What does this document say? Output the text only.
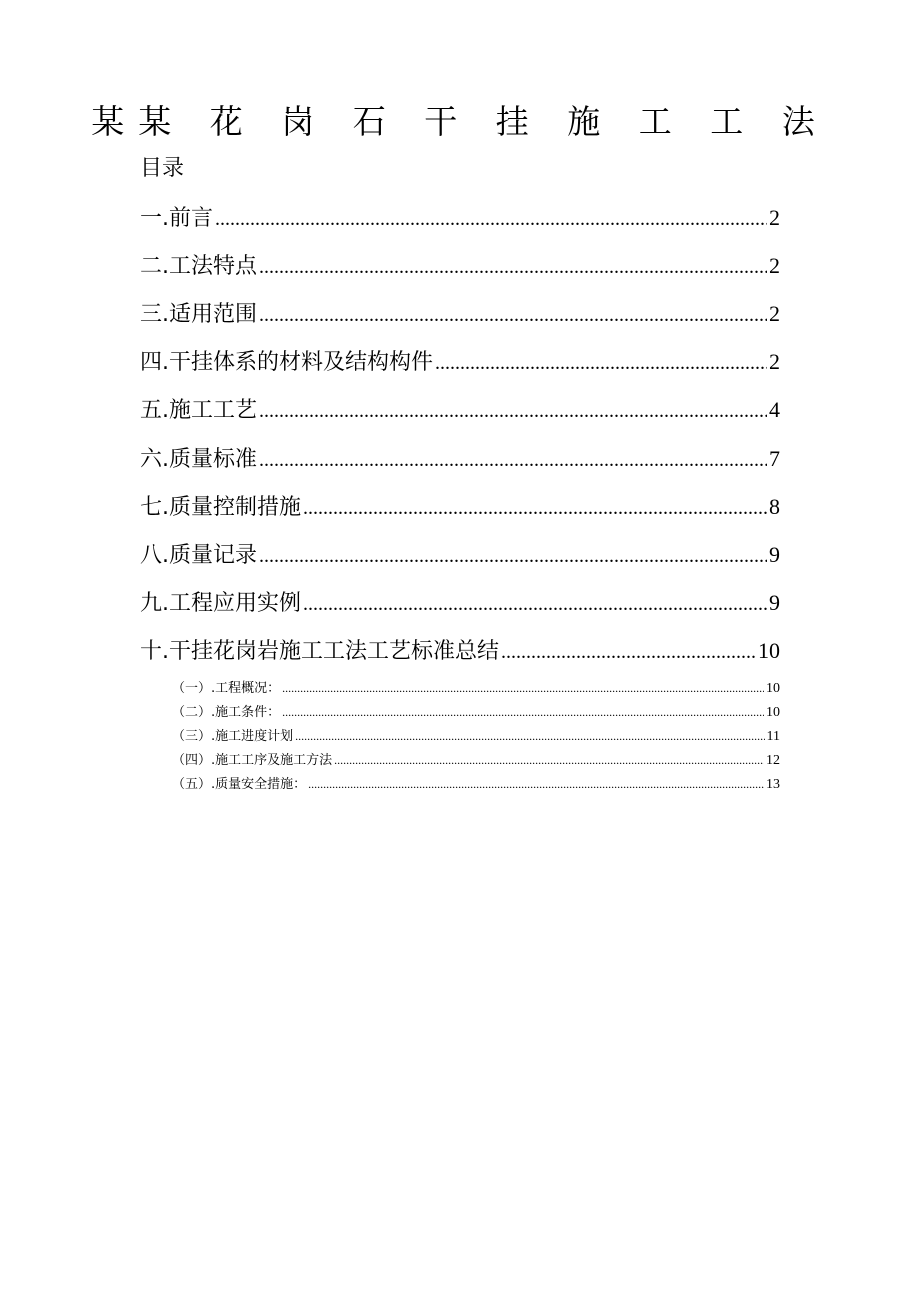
某某 花 岗 石 干 挂 施 工 工 法
目录
一.前言 .....	2
二.工法特点 .....	2
三.适用范围 .....	2
四.干挂体系的材料及结构构件 .....	2
五.施工工艺 .....	4
六.质量标准 .....	7
七.质量控制措施 .....	8
八.质量记录 .....	9
九.工程应用实例 .....	9
十.干挂花岗岩施工工法工艺标准总结 .....	10
（一）.工程概况： .....	10
（二）.施工条件： .....	10
（三）.施工进度计划 .....	11
（四）.施工工序及施工方法 .....	12
（五）.质量安全措施： .....	13
